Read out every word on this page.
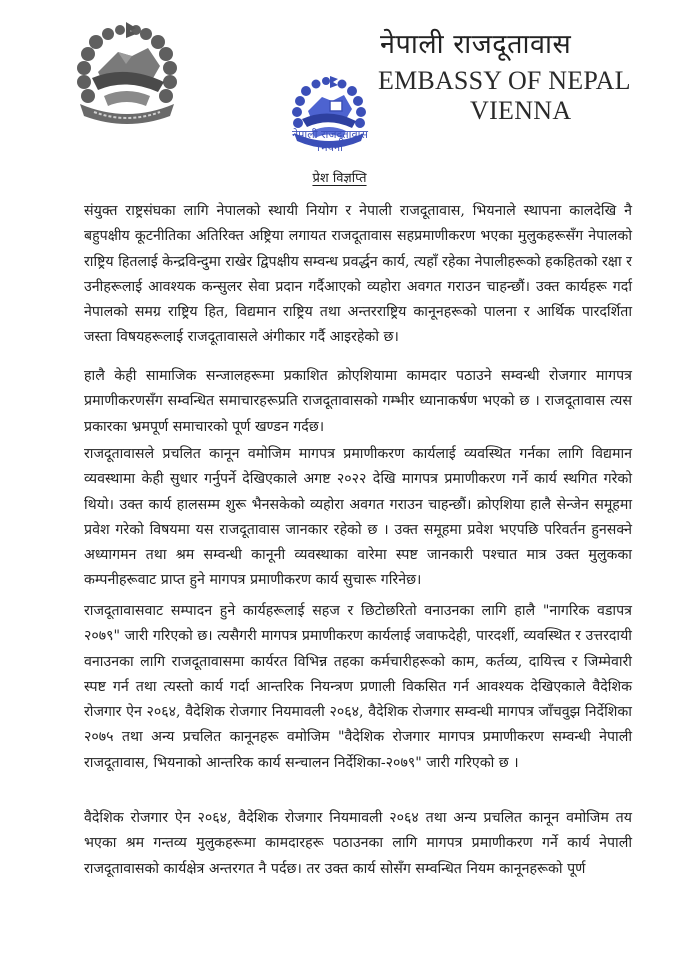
नेपाली राजदूतावास
भियना
नेपाली राजदूतावास
EMBASSY OF NEPAL
VIENNA
प्रेश विज्ञप्ति

संयुक्त राष्ट्रसंघका लागि नेपालको स्थायी नियोग र नेपाली राजदूतावास, भियनाले स्थापना कालदेखि नै बहुपक्षीय कूटनीतिका अतिरिक्त अष्ट्रिया लगायत राजदूतावास सहप्रमाणीकरण भएका मुलुकहरूसँग नेपालको राष्ट्रिय हितलाई केन्द्रविन्दुमा राखेर द्विपक्षीय सम्वन्ध प्रवर्द्धन कार्य, त्यहाँ रहेका नेपालीहरूको हकहितको रक्षा र उनीहरूलाई आवश्यक कन्सुलर सेवा प्रदान गर्दैआएको व्यहोरा अवगत गराउन चाहन्छौं। उक्त कार्यहरू गर्दा नेपालको समग्र राष्ट्रिय हित, विद्यमान राष्ट्रिय तथा अन्तरराष्ट्रिय कानूनहरूको पालना र आर्थिक पारदर्शिता जस्ता विषयहरूलाई राजदूतावासले अंगीकार गर्दै आइरहेको छ।

हालै केही सामाजिक सन्जालहरूमा प्रकाशित क्रोएशियामा कामदार पठाउने सम्वन्धी रोजगार मागपत्र प्रमाणीकरणसँग सम्वन्धित समाचारहरूप्रति राजदूतावासको गम्भीर ध्यानाकर्षण भएको छ । राजदूतावास त्यस प्रकारका भ्रमपूर्ण समाचारको पूर्ण खण्डन गर्दछ।

राजदूतावासले प्रचलित कानून वमोजिम मागपत्र प्रमाणीकरण कार्यलाई व्यवस्थित गर्नका लागि विद्यमान व्यवस्थामा केही सुधार गर्नुपर्ने देखिएकाले अगष्ट २०२२ देखि मागपत्र प्रमाणीकरण गर्ने कार्य स्थगित गरेको थियो। उक्त कार्य हालसम्म शुरू भैनसकेको व्यहोरा अवगत गराउन चाहन्छौं। क्रोएशिया हालै सेन्जेन समूहमा प्रवेश गरेको विषयमा यस राजदूतावास जानकार रहेको छ । उक्त समूहमा प्रवेश भएपछि परिवर्तन हुनसक्ने अध्यागमन तथा श्रम सम्वन्धी कानूनी व्यवस्थाका वारेमा स्पष्ट जानकारी पश्चात मात्र उक्त मुलुकका कम्पनीहरूवाट प्राप्त हुने मागपत्र प्रमाणीकरण कार्य सुचारू गरिनेछ।

राजदूतावासवाट सम्पादन हुने कार्यहरूलाई सहज र छिटोछरितो वनाउनका लागि हालै "नागरिक वडापत्र २०७९" जारी गरिएको छ। त्यसैगरी मागपत्र प्रमाणीकरण कार्यलाई जवाफदेही, पारदर्शी, व्यवस्थित र उत्तरदायी वनाउनका लागि राजदूतावासमा कार्यरत विभिन्न तहका कर्मचारीहरूको काम, कर्तव्य, दायित्त्व र जिम्मेवारी स्पष्ट गर्न तथा त्यस्तो कार्य गर्दा आन्तरिक नियन्त्रण प्रणाली विकसित गर्न आवश्यक देखिएकाले वैदेशिक रोजगार ऐन २०६४, वैदेशिक रोजगार नियमावली २०६४, वैदेशिक रोजगार सम्वन्धी मागपत्र जाँचवुझ निर्देशिका २०७५ तथा अन्य प्रचलित कानूनहरू वमोजिम "वैदेशिक रोजगार मागपत्र प्रमाणीकरण सम्वन्धी नेपाली राजदूतावास, भियनाको आन्तरिक कार्य सन्चालन निर्देशिका-२०७९" जारी गरिएको छ ।

वैदेशिक रोजगार ऐन २०६४, वैदेशिक रोजगार नियमावली २०६४ तथा अन्य प्रचलित कानून वमोजिम तय भएका श्रम गन्तव्य मुलुकहरूमा कामदारहरू पठाउनका लागि मागपत्र प्रमाणीकरण गर्ने कार्य नेपाली राजदूतावासको कार्यक्षेत्र अन्तरगत नै पर्दछ। तर उक्त कार्य सोसँग सम्वन्धित नियम कानूनहरूको पूर्ण
